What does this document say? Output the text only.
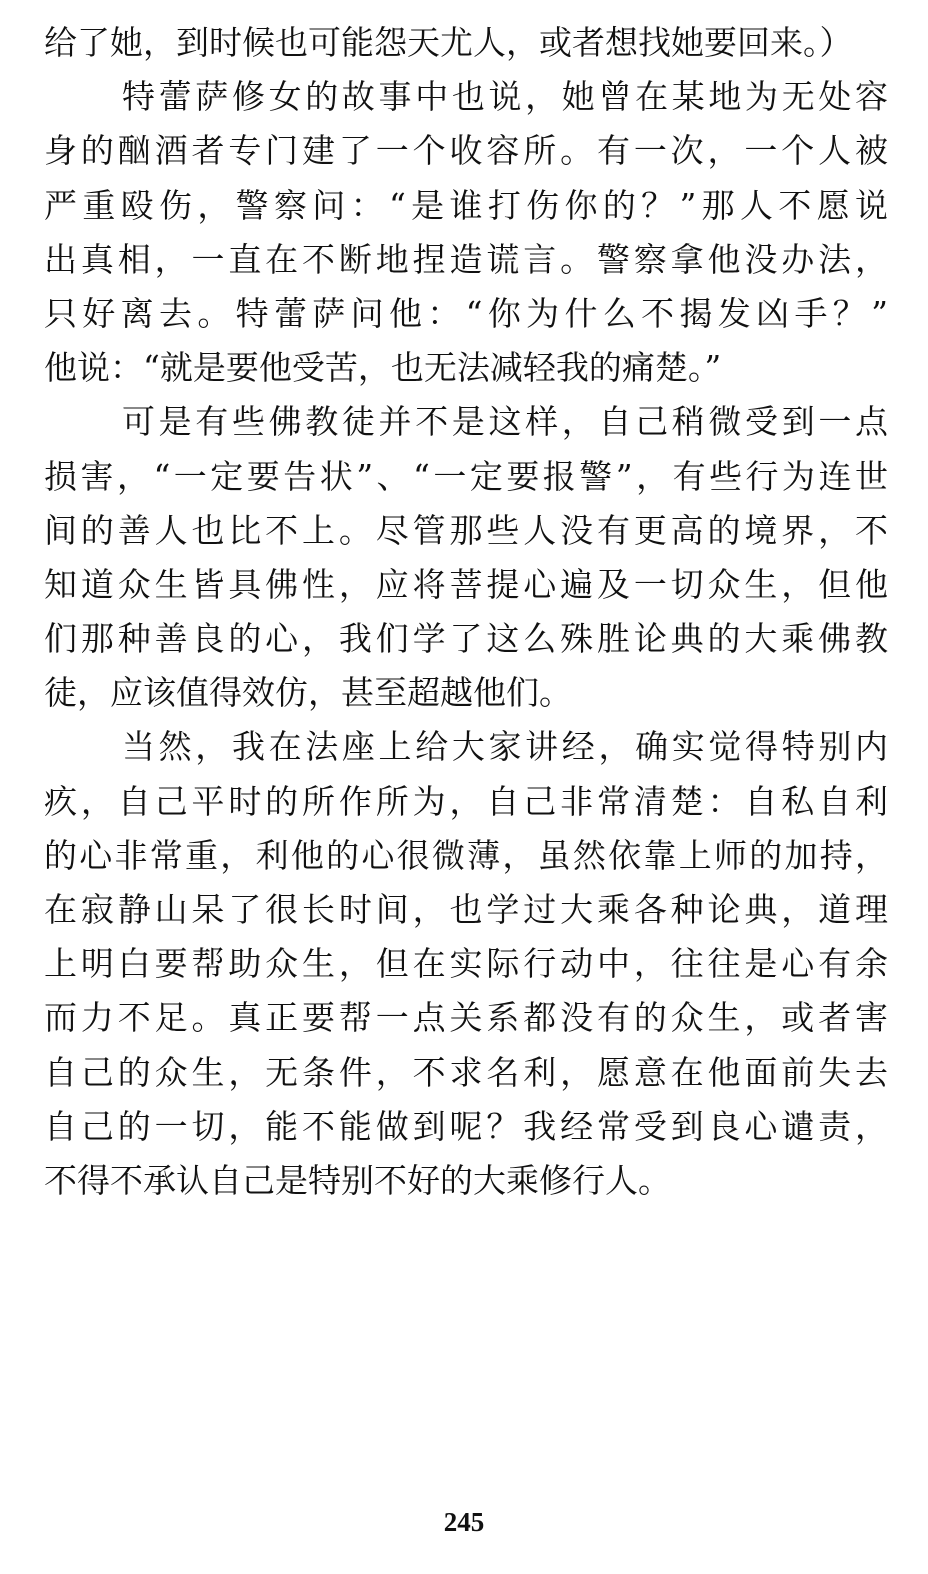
给了她，到时候也可能怨天尤人，或者想找她要回来。）
特蕾萨修女的故事中也说，她曾在某地为无处容
身的酗酒者专门建了一个收容所。有一次，一个人被
严重殴伤，警察问：“是谁打伤你的？”那人不愿说
出真相，一直在不断地捏造谎言。警察拿他没办法，
只好离去。特蕾萨问他：“你为什么不揭发凶手？”
他说：“就是要他受苦，也无法减轻我的痛楚。”
可是有些佛教徒并不是这样，自己稍微受到一点
损害，“一定要告状”、“一定要报警”，有些行为连世
间的善人也比不上。尽管那些人没有更高的境界，不
知道众生皆具佛性，应将菩提心遍及一切众生，但他
们那种善良的心，我们学了这么殊胜论典的大乘佛教
徒，应该值得效仿，甚至超越他们。
当然，我在法座上给大家讲经，确实觉得特别内
疚，自己平时的所作所为，自己非常清楚：自私自利
的心非常重，利他的心很微薄，虽然依靠上师的加持，
在寂静山呆了很长时间，也学过大乘各种论典，道理
上明白要帮助众生，但在实际行动中，往往是心有余
而力不足。真正要帮一点关系都没有的众生，或者害
自己的众生，无条件，不求名利，愿意在他面前失去
自己的一切，能不能做到呢？我经常受到良心谴责，
不得不承认自己是特别不好的大乘修行人。
245
